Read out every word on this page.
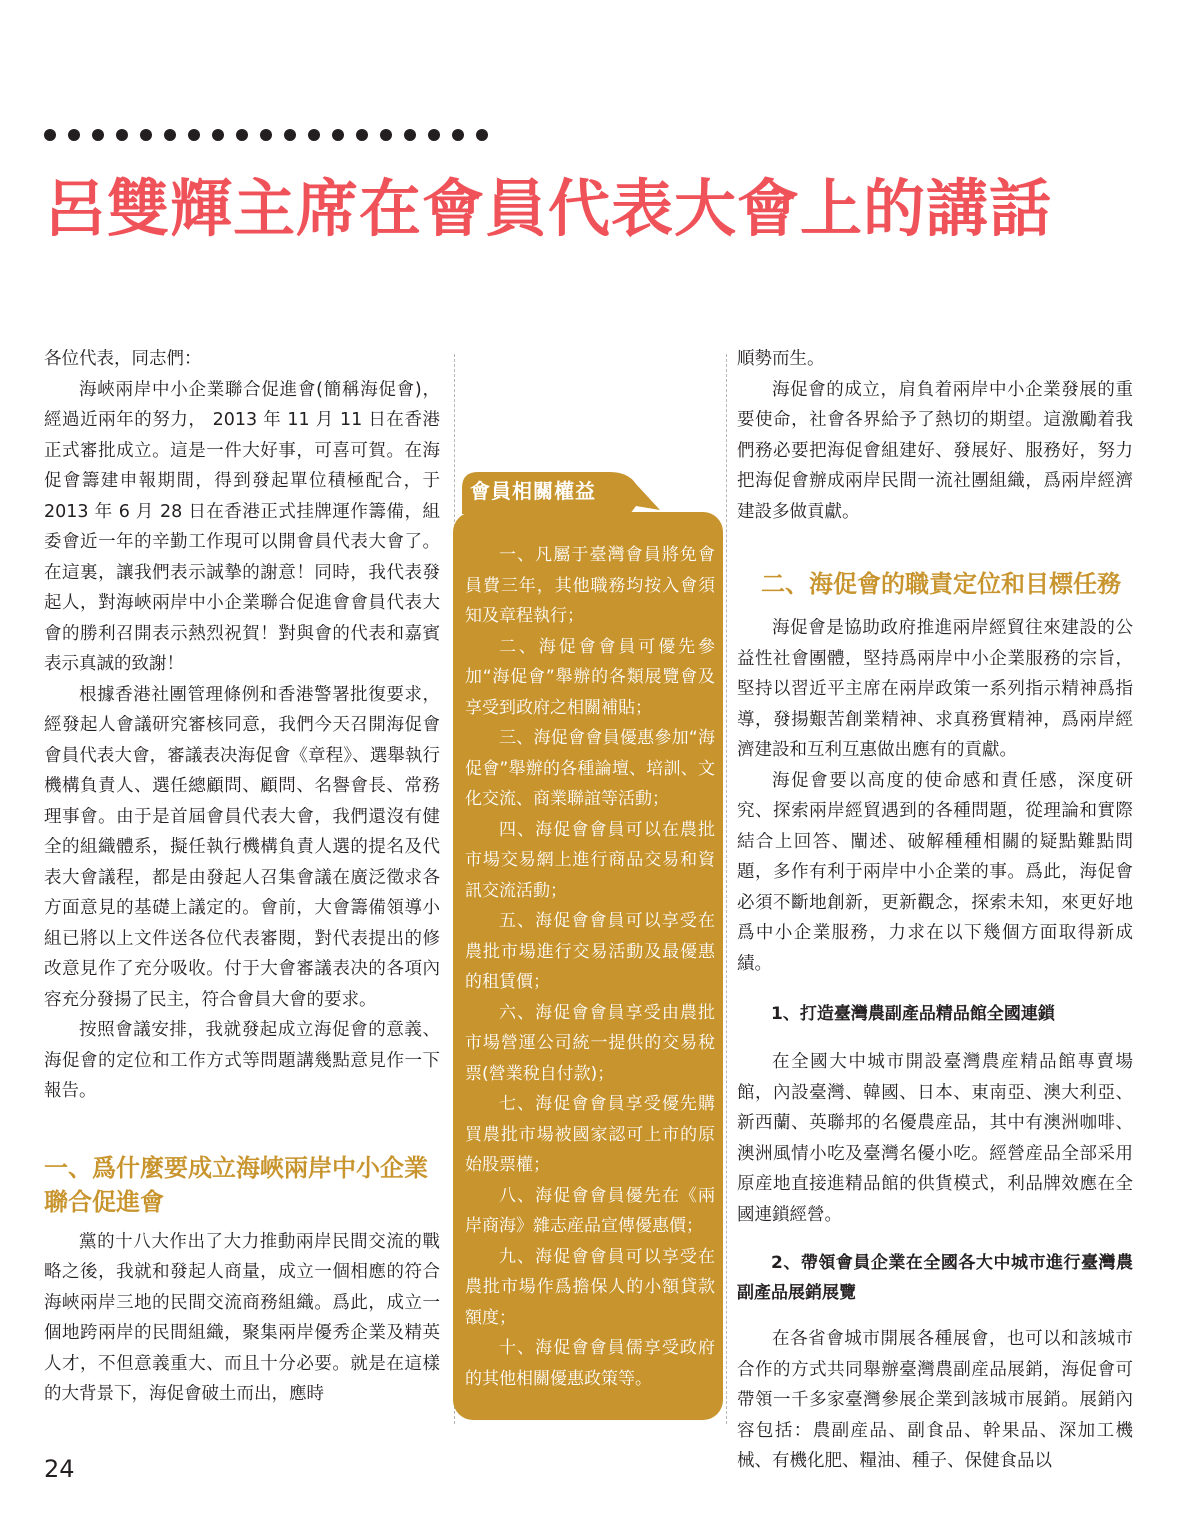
呂雙輝主席在會員代表大會上的講話

各位代表，同志們：

海峽兩岸中小企業聯合促進會(簡稱海促會)，經過近兩年的努力， 2013 年 11 月 11 日在香港正式審批成立。這是一件大好事，可喜可賀。在海促會籌建申報期間，得到發起單位積極配合，于 2013 年 6 月 28 日在香港正式挂牌運作籌備，組委會近一年的辛勤工作現可以開會員代表大會了。在這裏，讓我們表示誠摯的謝意！同時，我代表發起人，對海峽兩岸中小企業聯合促進會會員代表大會的勝利召開表示熱烈祝賀！對與會的代表和嘉賓表示真誠的致謝！

根據香港社團管理條例和香港警署批復要求，經發起人會議研究審核同意，我們今天召開海促會會員代表大會，審議表决海促會《章程》、選舉執行機構負責人、選任總顧問、顧問、名譽會長、常務理事會。由于是首屆會員代表大會，我們還沒有健全的組織體系，擬任執行機構負責人選的提名及代表大會議程，都是由發起人召集會議在廣泛徵求各方面意見的基礎上議定的。會前，大會籌備領導小組已將以上文件送各位代表審閱，對代表提出的修改意見作了充分吸收。付于大會審議表决的各項內容充分發揚了民主，符合會員大會的要求。

按照會議安排，我就發起成立海促會的意義、海促會的定位和工作方式等問題講幾點意見作一下報告。

一、爲什麼要成立海峽兩岸中小企業聯合促進會

黨的十八大作出了大力推動兩岸民間交流的戰略之後，我就和發起人商量，成立一個相應的符合海峽兩岸三地的民間交流商務組織。爲此，成立一個地跨兩岸的民間組織，聚集兩岸優秀企業及精英人才，不但意義重大、而且十分必要。就是在這樣的大背景下，海促會破土而出，應時

會員相關權益

一、凡屬于臺灣會員將免會員費三年，其他職務均按入會須知及章程執行；

二、海促會會員可優先參加“海促會”舉辦的各類展覽會及享受到政府之相關補貼；

三、海促會會員優惠參加“海促會”舉辦的各種論壇、培訓、文化交流、商業聯誼等活動；

四、海促會會員可以在農批市場交易網上進行商品交易和資訊交流活動；

五、海促會會員可以享受在農批市場進行交易活動及最優惠的租賃價；

六、海促會會員享受由農批市場營運公司統一提供的交易稅票(營業稅自付款)；

七、海促會會員享受優先購買農批市場被國家認可上市的原始股票權；

八、海促會會員優先在《兩岸商海》雜志産品宣傳優惠價；

九、海促會會員可以享受在農批市場作爲擔保人的小額貸款額度；

十、海促會會員儒享受政府的其他相關優惠政策等。

順勢而生。

海促會的成立，肩負着兩岸中小企業發展的重要使命，社會各界給予了熱切的期望。這激勵着我們務必要把海促會組建好、發展好、服務好，努力把海促會辦成兩岸民間一流社團組織，爲兩岸經濟建設多做貢獻。

二、海促會的職責定位和目標任務

海促會是協助政府推進兩岸經貿往來建設的公益性社會團體，堅持爲兩岸中小企業服務的宗旨，堅持以習近平主席在兩岸政策一系列指示精神爲指導，發揚艱苦創業精神、求真務實精神，爲兩岸經濟建設和互利互惠做出應有的貢獻。

海促會要以高度的使命感和責任感，深度研究、探索兩岸經貿遇到的各種問題，從理論和實際結合上回答、闡述、破解種種相關的疑點難點問題，多作有利于兩岸中小企業的事。爲此，海促會必須不斷地創新，更新觀念，探索未知，來更好地爲中小企業服務，力求在以下幾個方面取得新成績。

1、打造臺灣農副產品精品館全國連鎖

在全國大中城市開設臺灣農産精品館專賣場館，內設臺灣、韓國、日本、東南亞、澳大利亞、新西蘭、英聯邦的名優農産品，其中有澳洲咖啡、澳洲風情小吃及臺灣名優小吃。經營産品全部采用原産地直接進精品館的供貨模式，利品牌效應在全國連鎖經營。

2、帶領會員企業在全國各大中城市進行臺灣農副產品展銷展覽

在各省會城市開展各種展會，也可以和該城市合作的方式共同舉辦臺灣農副産品展銷，海促會可帶領一千多家臺灣參展企業到該城市展銷。展銷內容包括：農副産品、副食品、幹果品、深加工機械、有機化肥、糧油、種子、保健食品以

24
